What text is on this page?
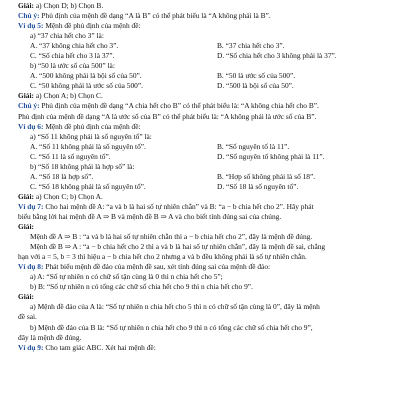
Giải: a) Chọn D; b) Chọn B.
Chú ý: Phủ định của mệnh đề dạng “A là B” có thể phát biểu là “A không phải là B”.
Ví dụ 5: Mệnh đề phủ định của mệnh đề:
a) “37 chia hết cho 3” là:
A. “37 không chia hết cho 3”.	B. “37 chia hết cho 3”.
C. “Số chia hết cho 3 là 37”.	D. “Số chia hết cho 3 không phải là 37”.
b) “50 là ước số của 500” là:
A. “500 không phải là bội số của 50”.	B. “50 là ước số của 500”.
C. “50 không phải là ước số của 500”.	D. “500 là bội số của 50”.
Giải: a) Chọn A; b) Chọn C.
Chú ý: Phủ định của mệnh đề dạng “A chia hết cho B” có thể phát biểu là: “A không chia hết cho B”.
Phủ định của mệnh đề dạng “A là ước số của B” có thể phát biểu là: “A không phải là ước số của B”.
Ví dụ 6: Mệnh đề phủ định của mệnh đề:
a) “Số 11 không phải là số nguyên tố” là:
A. “Số 11 không phải là số nguyên tố”.	B. “Số nguyên tố là 11”.
C. “Số 11 là số nguyên tố”.	D. “Số nguyên tố không phải là 11”.
b) “Số 18 không phải là hợp số” là:
A. “Số 18 là hợp số”.	B. “Hợp số không phải là số 18”.
C. “Số 18 không phải là số nguyên tố”.	D. “Số 18 là số nguyên tố”.
Giải: a) Chọn C; b) Chọn A.
Ví dụ 7: Cho hai mệnh đề A: “a và b là hai số tự nhiên chẵn” và B: “a − b chia hết cho 2”. Hãy phát
biểu bằng lời hai mệnh đề A ⇒ B và mệnh đề B ⇒ A và cho biết tính đúng sai của chúng.
Giải:
Mệnh đề A ⇒ B : “a và b là hai số tự nhiên chẵn thì a − b chia hết cho 2”, đây là mệnh đề đúng.
Mệnh đề B ⇒ A : “a − b chia hết cho 2 thì a và b là hai số tự nhiên chẵn”, đây là mệnh đề sai, chẳng
hạn với a = 5, b = 3 thì hiệu a − b chia hết cho 2 nhưng a và b đều không phải là số tự nhiên chẵn.
Ví dụ 8: Phát biểu mệnh đề đảo của mệnh đề sau, xét tính đúng sai của mệnh đề đảo:
a) A: “Số tự nhiên n có chữ số tận cùng là 0 thì n chia hết cho 5”;
b) B: “Số tự nhiên n có tổng các chữ số chia hết cho 9 thì n chia hết cho 9”.
Giải:
a) Mệnh đề đảo của A là: “Số tự nhiên n chia hết cho 5 thì n có chữ số tận cùng là 0”, đây là mệnh
đề sai.
b) Mệnh đề đảo của B là: “Số tự nhiên n chia hết cho 9 thì n có tổng các chữ số chia hết cho 9”,
đây là mệnh đề đúng.
Ví dụ 9: Cho tam giác ABC. Xét hai mệnh đề:
